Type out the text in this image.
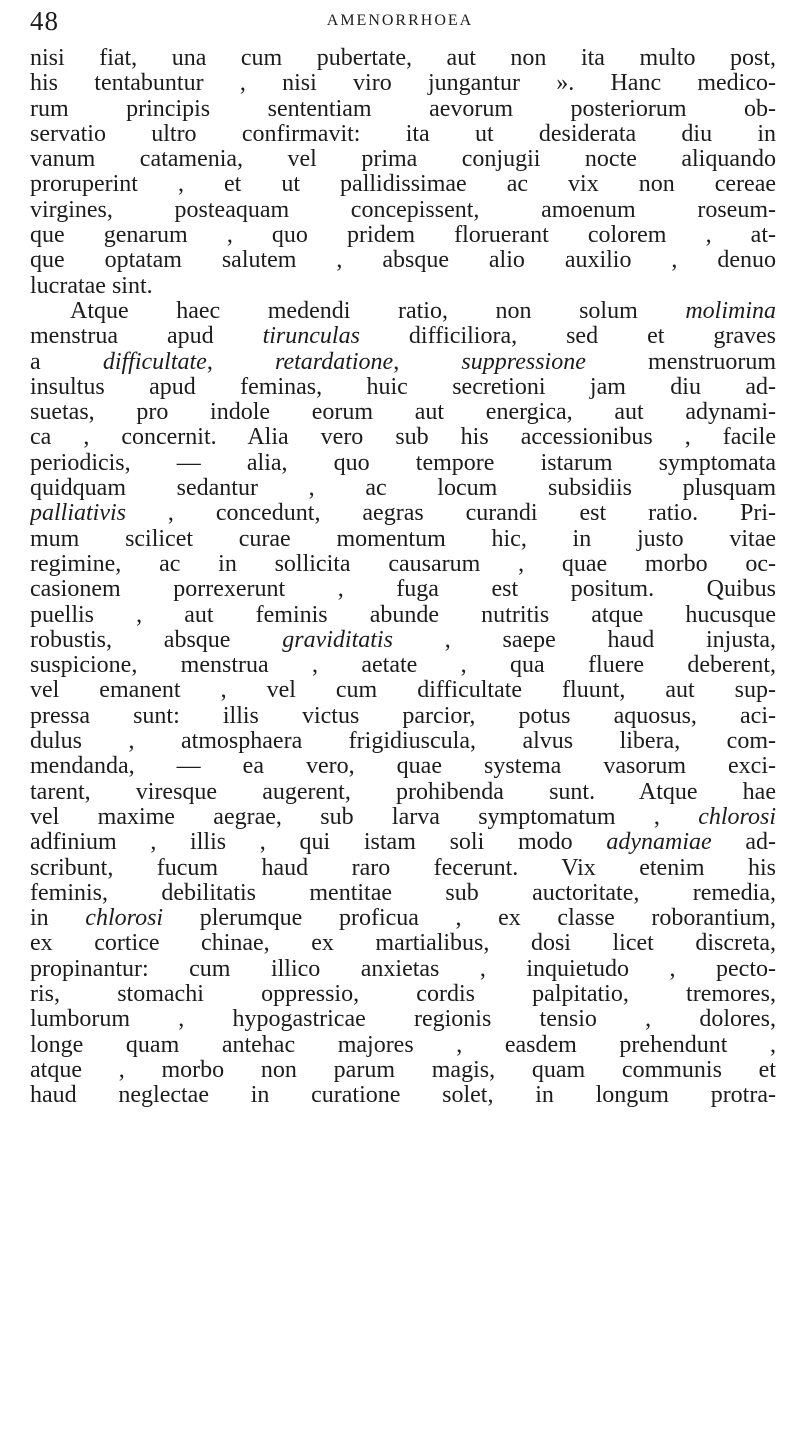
48	AMENORRHOEA
nisi fiat, una cum pubertate, aut non ita multo post,
his tentabuntur , nisi viro jungantur ». Hanc medico-
rum principis sententiam aevorum posteriorum ob-
servatio ultro confirmavit: ita ut desiderata diu in
vanum catamenia, vel prima conjugii nocte aliquando
proruperint , et ut pallidissimae ac vix non cereae
virgines, posteaquam concepissent, amoenum roseum-
que genarum , quo pridem floruerant colorem , at-
que optatam salutem , absque alio auxilio , denuo
lucratae sint.
Atque haec medendi ratio, non solum molimina
menstrua apud tirunculas difficiliora, sed et graves
a difficultate, retardatione, suppressione menstruorum
insultus apud feminas, huic secretioni jam diu ad-
suetas, pro indole eorum aut energica, aut adynami-
ca , concernit. Alia vero sub his accessionibus , facile
periodicis, — alia, quo tempore istarum symptomata
quidquam sedantur , ac locum subsidiis plusquam
palliativis , concedunt, aegras curandi est ratio. Pri-
mum scilicet curae momentum hic, in justo vitae
regimine, ac in sollicita causarum , quae morbo oc-
casionem porrexerunt , fuga est positum. Quibus
puellis , aut feminis abunde nutritis atque hucusque
robustis, absque graviditatis , saepe haud injusta,
suspicione, menstrua , aetate , qua fluere deberent,
vel emanent , vel cum difficultate fluunt, aut sup-
pressa sunt: illis victus parcior, potus aquosus, aci-
dulus , atmosphaera frigidiuscula, alvus libera, com-
mendanda, — ea vero, quae systema vasorum exci-
tarent, viresque augerent, prohibenda sunt. Atque hae
vel maxime aegrae, sub larva symptomatum , chlorosi
adfinium , illis , qui istam soli modo adynamiae ad-
scribunt, fucum haud raro fecerunt. Vix etenim his
feminis, debilitatis mentitae sub auctoritate, remedia,
in chlorosi plerumque proficua , ex classe roborantium,
ex cortice chinae, ex martialibus, dosi licet discreta,
propinantur: cum illico anxietas , inquietudo , pecto-
ris, stomachi oppressio, cordis palpitatio, tremores,
lumborum , hypogastricae regionis tensio , dolores,
longe quam antehac majores , easdem prehendunt ,
atque , morbo non parum magis, quam communis et
haud neglectae in curatione solet, in longum protra-
